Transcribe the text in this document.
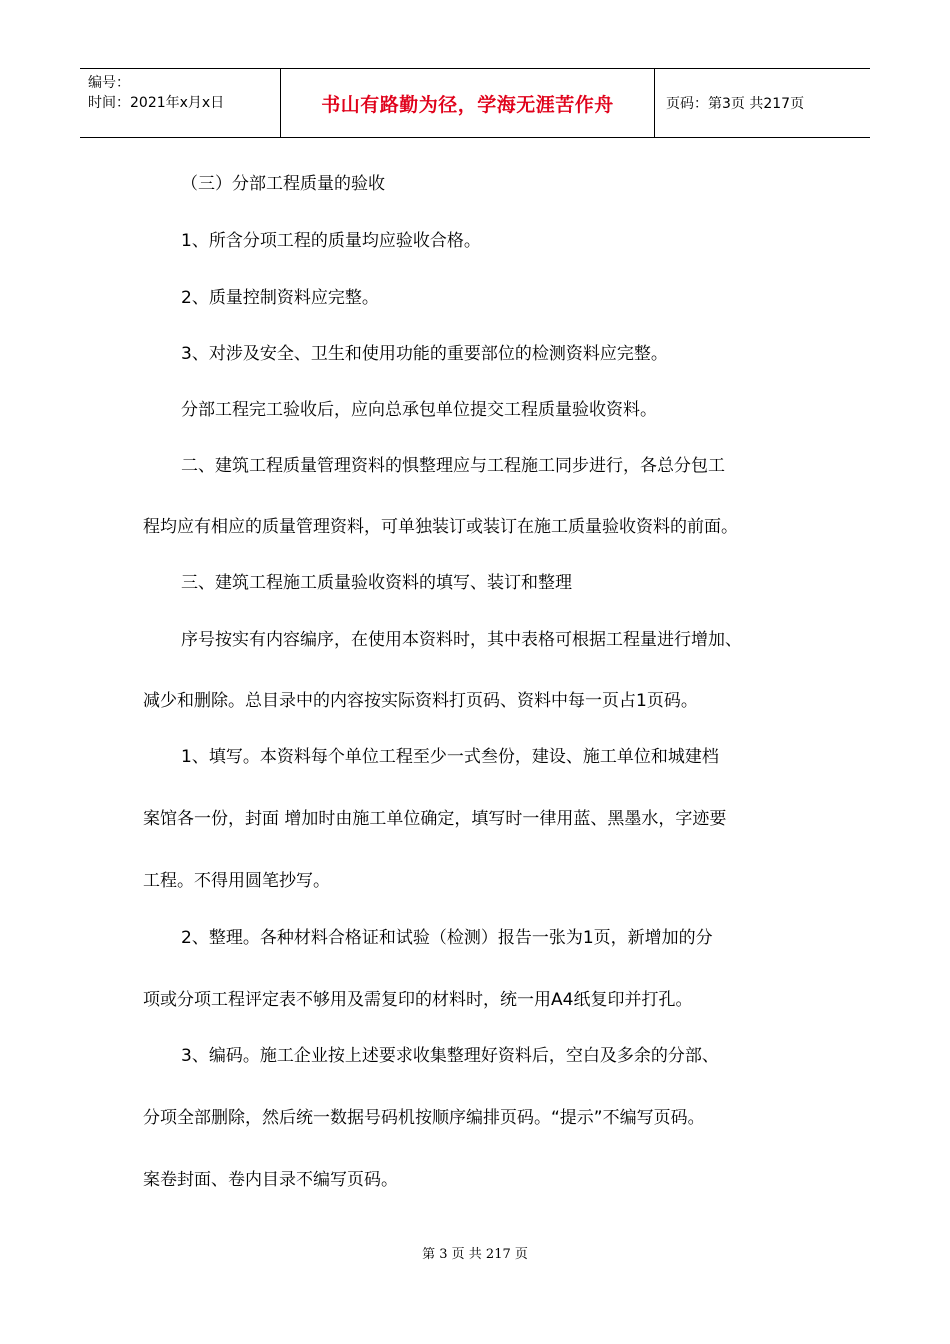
编号：
时间：2021年x月x日	书山有路勤为径，学海无涯苦作舟	页码：第3页 共217页
（三）分部工程质量的验收
1、所含分项工程的质量均应验收合格。
2、质量控制资料应完整。
3、对涉及安全、卫生和使用功能的重要部位的检测资料应完整。
分部工程完工验收后，应向总承包单位提交工程质量验收资料。
二、建筑工程质量管理资料的惧整理应与工程施工同步进行，各总分包工
程均应有相应的质量管理资料，可单独装订或装订在施工质量验收资料的前面。
三、建筑工程施工质量验收资料的填写、装订和整理
序号按实有内容编序，在使用本资料时，其中表格可根据工程量进行增加、
减少和删除。总目录中的内容按实际资料打页码、资料中每一页占1页码。
1、填写。本资料每个单位工程至少一式叁份，建设、施工单位和城建档
案馆各一份，封面 增加时由施工单位确定，填写时一律用蓝、黑墨水，字迹要
工程。不得用圆笔抄写。
2、整理。各种材料合格证和试验（检测）报告一张为1页，新增加的分
项或分项工程评定表不够用及需复印的材料时，统一用A4纸复印并打孔。
3、编码。施工企业按上述要求收集整理好资料后，空白及多余的分部、
分项全部删除，然后统一数据号码机按顺序编排页码。“提示”不编写页码。
案卷封面、卷内目录不编写页码。
第 3 页 共 217 页
